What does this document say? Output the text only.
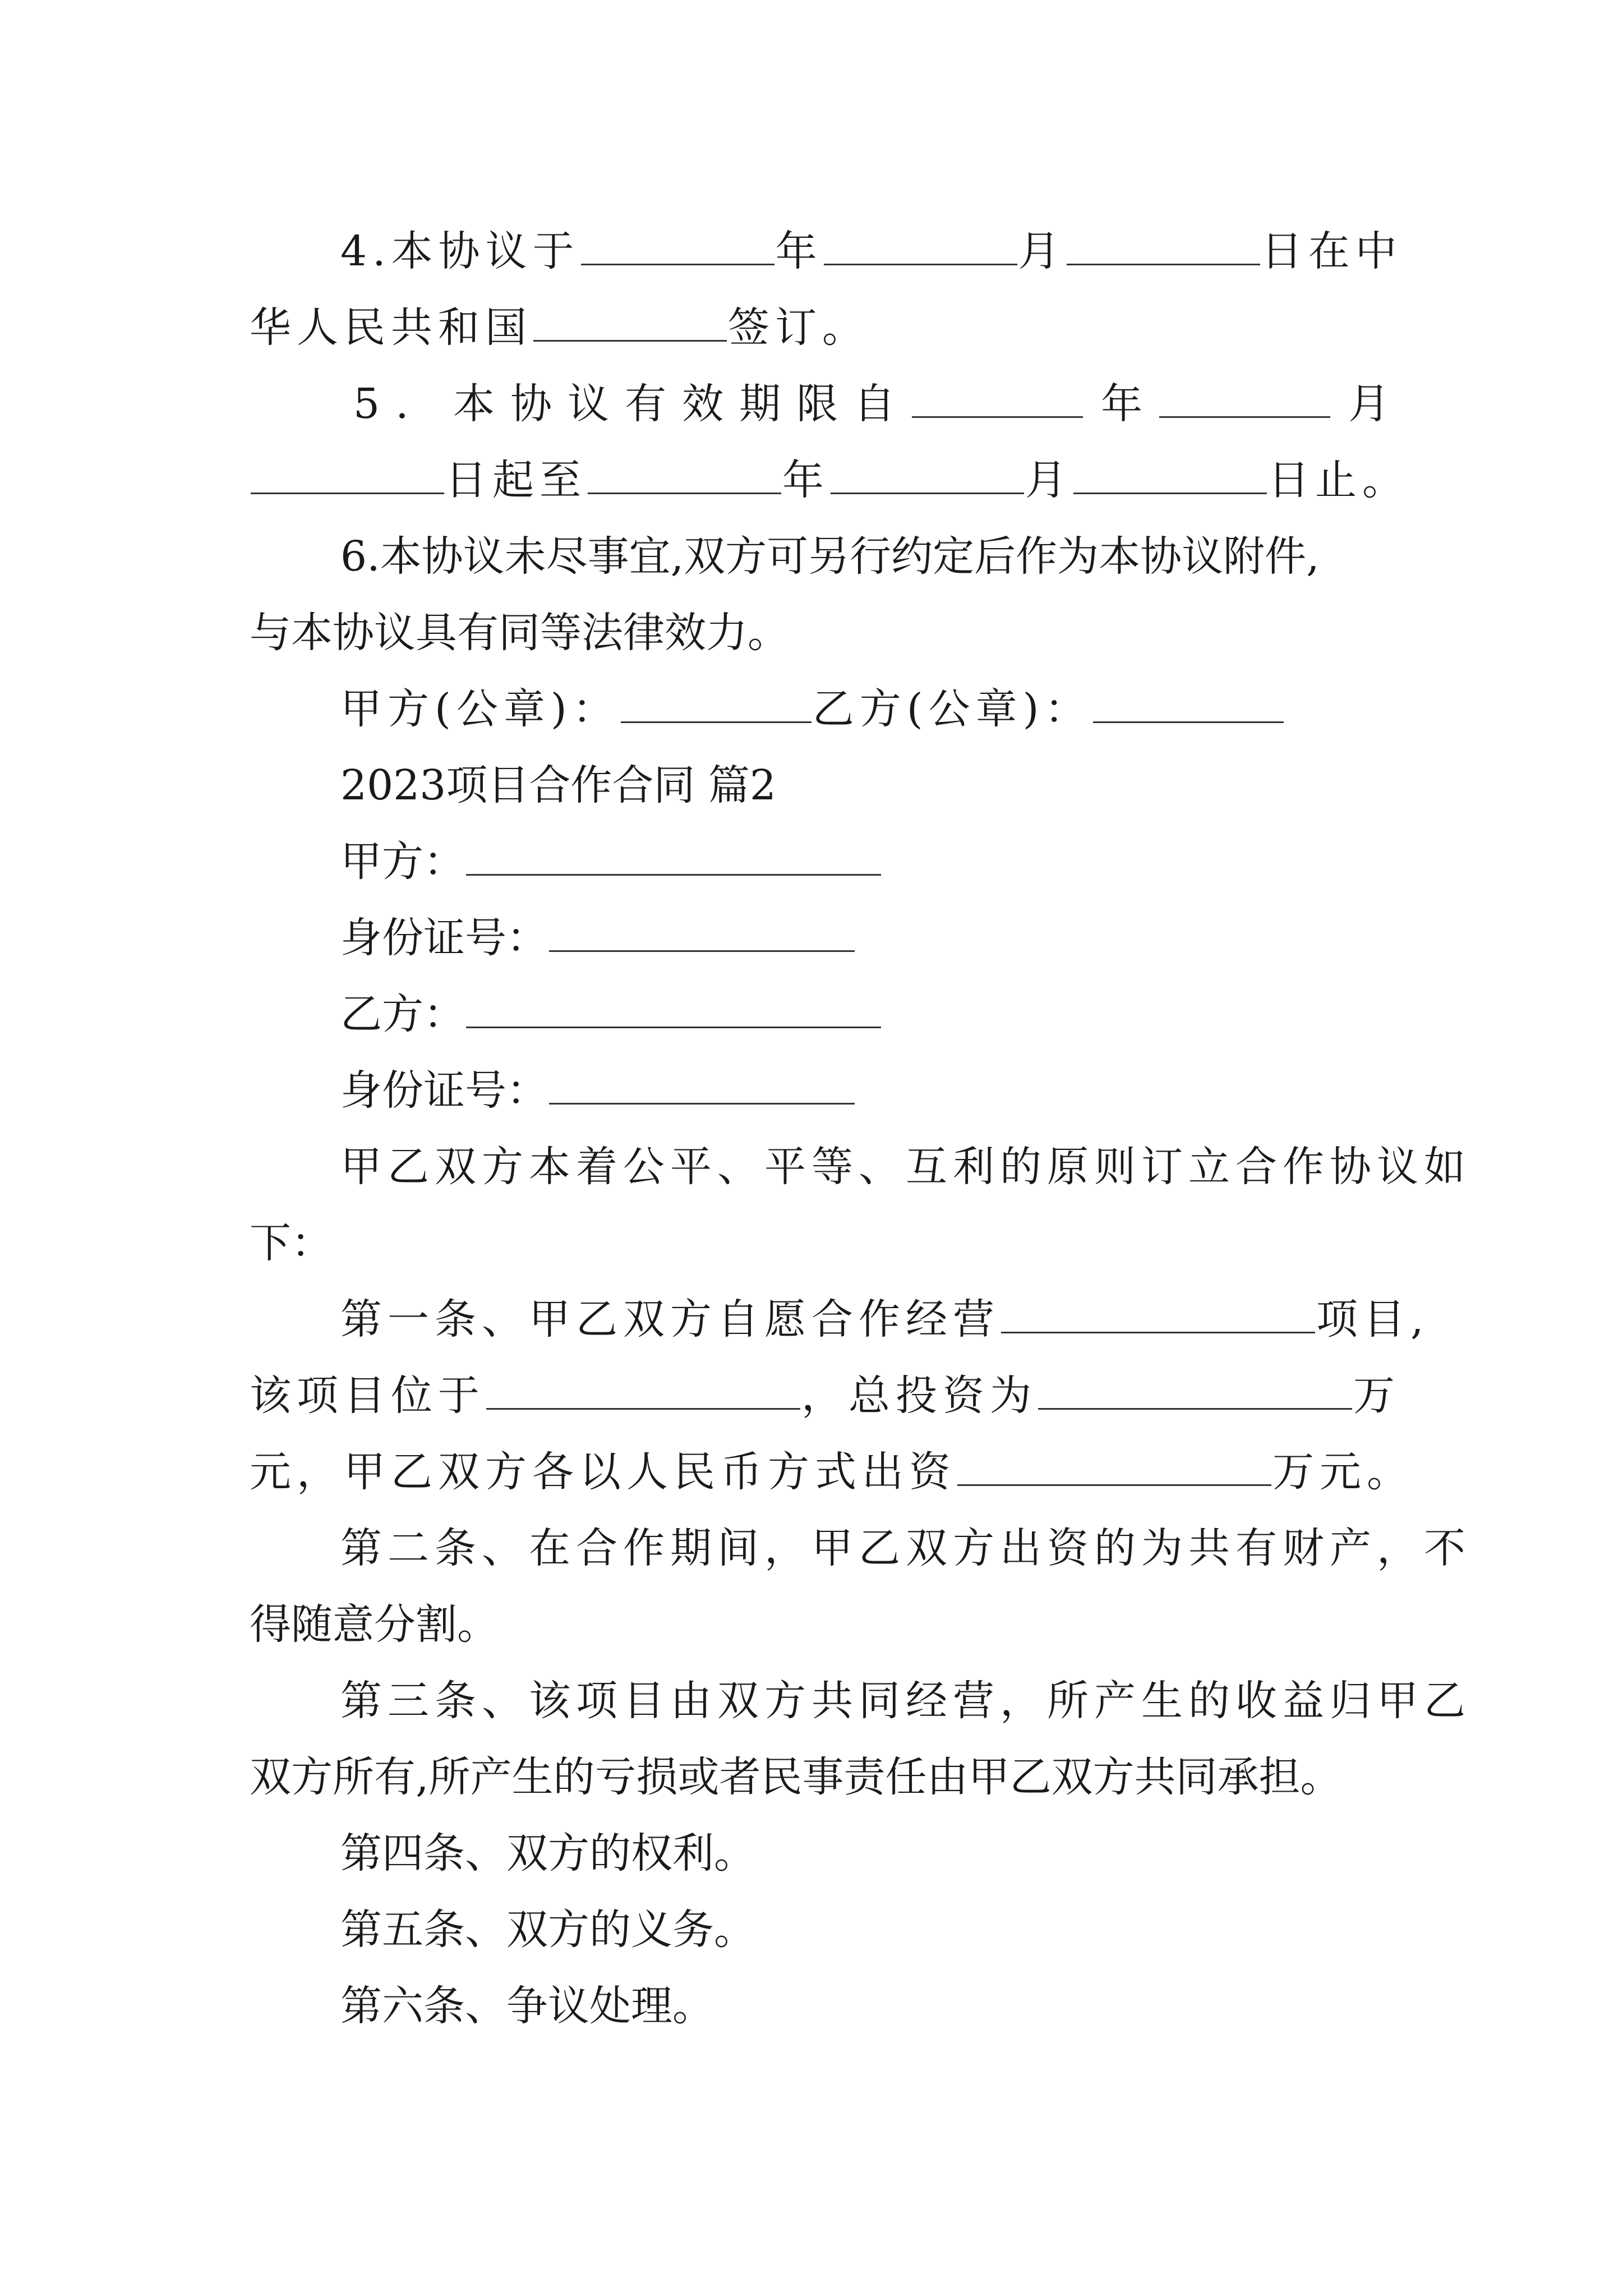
4.本协议于	年	月	日在中
华人民共和国	签订。
5. 本协议有效期限自	年	月
日起至	年	月	日止。
6.本协议未尽事宜,双方可另行约定后作为本协议附件,
与本协议具有同等法律效力。
甲方(公章)：	乙方(公章)：
2023项目合作合同 篇2
甲方：
身份证号：
乙方：
身份证号：
甲乙双方本着公平、平等、互利的原则订立合作协议如
下：
第一条、甲乙双方自愿合作经营	项目,
该项目位于	，总投资为	万
元，甲乙双方各以人民币方式出资	万元。
第二条、在合作期间，甲乙双方出资的为共有财产，不
得随意分割。
第三条、该项目由双方共同经营，所产生的收益归甲乙
双方所有,所产生的亏损或者民事责任由甲乙双方共同承担。
第四条、双方的权利。
第五条、双方的义务。
第六条、争议处理。
